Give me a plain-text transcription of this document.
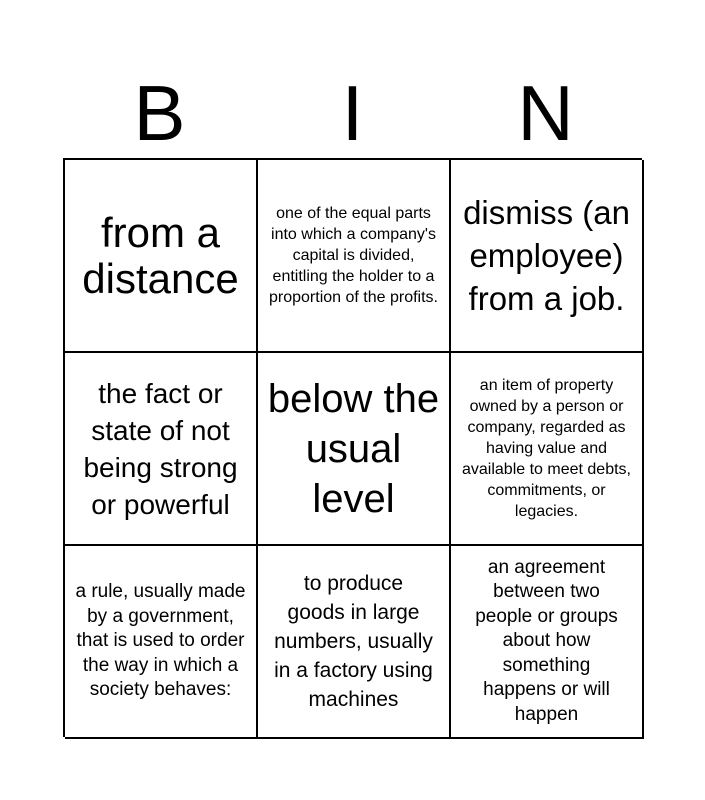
B	I	N
from a distance
one of the equal parts into which a company's capital is divided, entitling the holder to a proportion of the profits.
dismiss (an employee) from a job.
the fact or state of not being strong or powerful
below the usual level
an item of property owned by a person or company, regarded as having value and available to meet debts, commitments, or legacies.
a rule, usually made by a government, that is used to order the way in which a society behaves:
to produce goods in large numbers, usually in a factory using machines
an agreement between two people or groups about how something happens or will happen
